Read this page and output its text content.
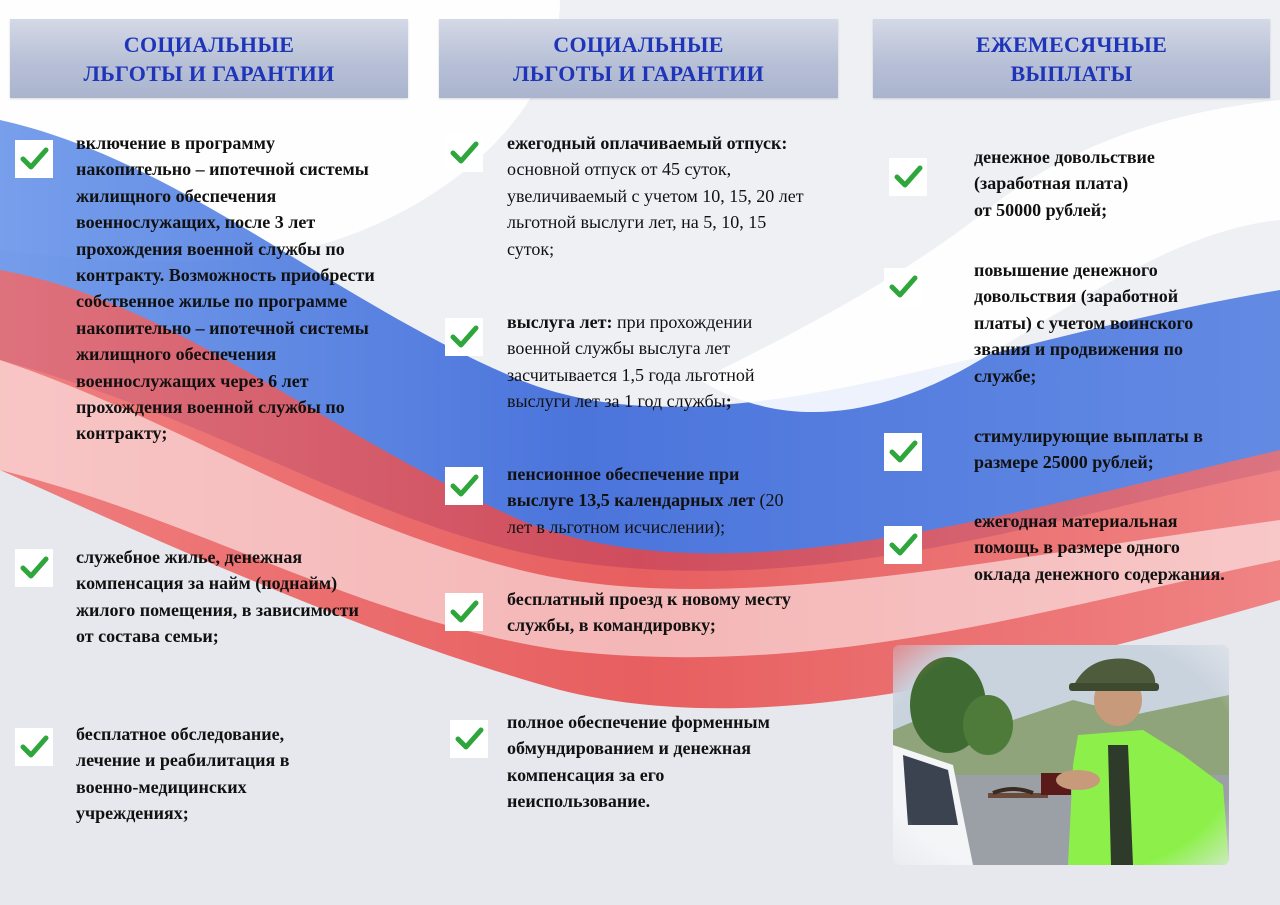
СОЦИАЛЬНЫЕ
ЛЬГОТЫ И ГАРАНТИИ
СОЦИАЛЬНЫЕ
ЛЬГОТЫ И ГАРАНТИИ
ЕЖЕМЕСЯЧНЫЕ
ВЫПЛАТЫ
включение в программу накопительно – ипотечной системы жилищного обеспечения военнослужащих, после 3 лет прохождения военной службы по контракту. Возможность приобрести собственное жилье по программе накопительно – ипотечной системы жилищного обеспечения военнослужащих через 6 лет прохождения военной службы по контракту;
служебное жилье, денежная компенсация за найм (поднайм) жилого помещения, в зависимости от состава семьи;
бесплатное обследование, лечение и реабилитация в военно-медицинских учреждениях;
ежегодный оплачиваемый отпуск: основной отпуск от 45 суток, увеличиваемый с учетом 10, 15, 20 лет льготной выслуги лет, на 5, 10, 15 суток;
выслуга лет: при прохождении военной службы выслуга лет засчитывается 1,5 года льготной выслуги лет за 1 год службы;
пенсионное обеспечение при выслуге 13,5 календарных лет (20 лет в льготном исчислении);
бесплатный проезд к новому месту службы, в командировку;
полное обеспечение форменным обмундированием и денежная компенсация за его неиспользование.
денежное довольствие (заработная плата)
от 50000 рублей;
повышение денежного довольствия (заработной платы) с учетом воинского звания и продвижения по службе;
стимулирующие выплаты в размере 25000 рублей;
ежегодная материальная помощь в размере одного оклада денежного содержания.
